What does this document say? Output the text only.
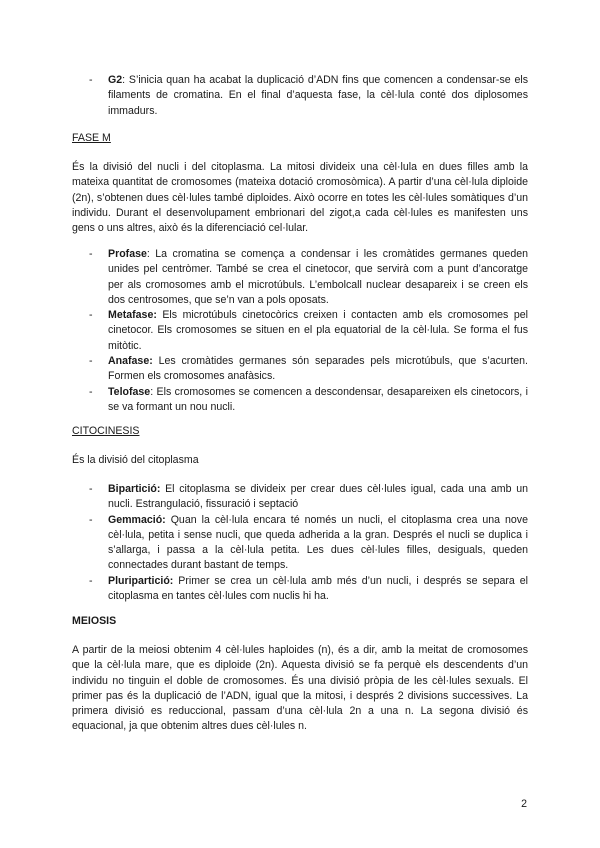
- G2: S’inicia quan ha acabat la duplicació d’ADN fins que comencen a condensar-se els filaments de cromatina. En el final d’aquesta fase, la cèl·lula conté dos diplosomes immadurs.
FASE M
És la divisió del nucli i del citoplasma. La mitosi divideix una cèl·lula en dues filles amb la mateixa quantitat de cromosomes (mateixa dotació cromosòmica). A partir d’una cèl·lula diploide (2n), s’obtenen dues cèl·lules també diploides. Això ocorre en totes les cèl·lules somàtiques d’un individu. Durant el desenvolupament embrionari del zigot,a cada cèl·lules es manifesten uns gens o uns altres, això és la diferenciació cel·lular.
- Profase: La cromatina se comença a condensar i les cromàtides germanes queden unides pel centròmer. També se crea el cinetocor, que servirà com a punt d’ancoratge per als cromosomes amb el microtúbuls. L’embolcall nuclear desapareix i se creen els dos centrosomes, que se’n van a pols oposats.
- Metafase: Els microtúbuls cinetocòrics creixen i contacten amb els cromosomes pel cinetocor. Els cromosomes se situen en el pla equatorial de la cèl·lula. Se forma el fus mitòtic.
- Anafase: Les cromàtides germanes són separades pels microtúbuls, que s’acurten. Formen els cromosomes anafàsics.
- Telofase: Els cromosomes se comencen a descondensar, desapareixen els cinetocors, i se va formant un nou nucli.
CITOCINESIS
És la divisió del citoplasma
- Bipartició: El citoplasma se divideix per crear dues cèl·lules igual, cada una amb un nucli. Estrangulació, fissuració i septació
- Gemmació: Quan la cèl·lula encara té només un nucli, el citoplasma crea una nove cèl·lula, petita i sense nucli, que queda adherida a la gran. Després el nucli se duplica i s’allarga, i passa a la cèl·lula petita. Les dues cèl·lules filles, desiguals, queden connectades durant bastant de temps.
- Pluripartició: Primer se crea un cèl·lula amb més d’un nucli, i després se separa el citoplasma en tantes cèl·lules com nuclis hi ha.
MEIOSIS
A partir de la meiosi obtenim 4 cèl·lules haploides (n), és a dir, amb la meitat de cromosomes que la cèl·lula mare, que es diploide (2n). Aquesta divisió se fa perquè els descendents d’un individu no tinguin el doble de cromosomes. És una divisió pròpia de les cèl·lules sexuals. El primer pas és la duplicació de l’ADN, igual que la mitosi, i després 2 divisions successives. La primera divisió es reduccional, passam d’una cèl·lula 2n a una n. La segona divisió és equacional, ja que obtenim altres dues cèl·lules n.
2
